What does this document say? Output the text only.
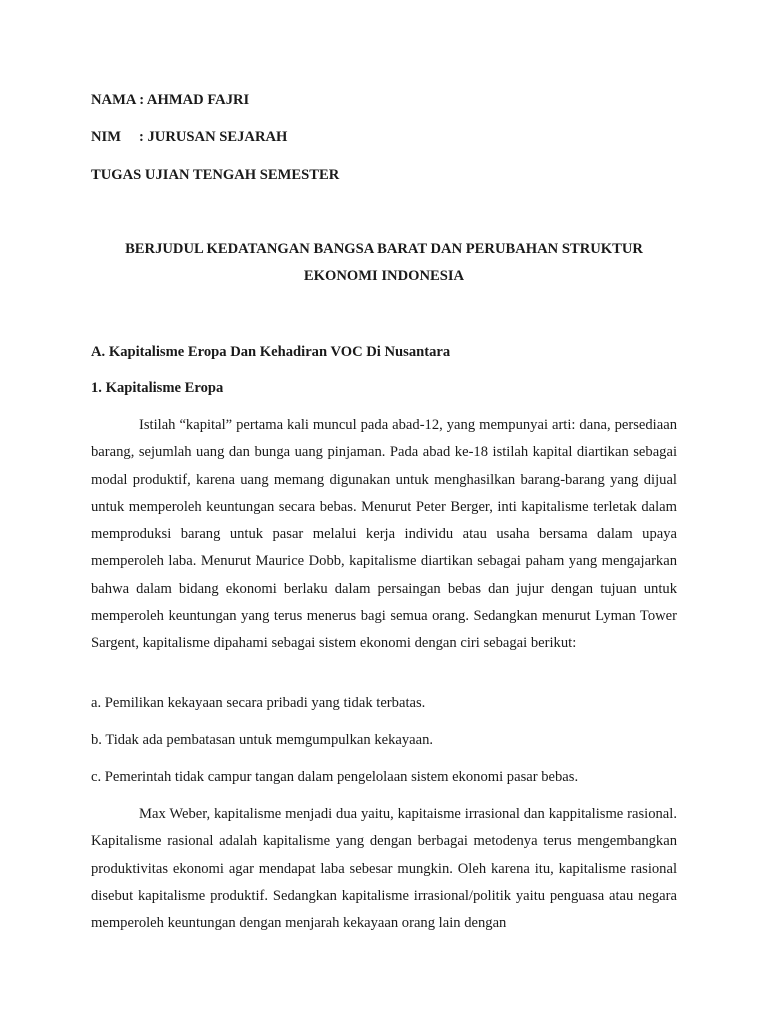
NAMA : AHMAD FAJRI
NIM : JURUSAN SEJARAH
TUGAS UJIAN TENGAH SEMESTER
BERJUDUL KEDATANGAN BANGSA BARAT DAN PERUBAHAN STRUKTUR
EKONOMI INDONESIA
A. Kapitalisme Eropa Dan Kehadiran VOC Di Nusantara
1. Kapitalisme Eropa

Istilah “kapital” pertama kali muncul pada abad-12, yang mempunyai arti: dana, persediaan barang, sejumlah uang dan bunga uang pinjaman. Pada abad ke-18 istilah kapital diartikan sebagai modal produktif, karena uang memang digunakan untuk menghasilkan barang-barang yang dijual untuk memperoleh keuntungan secara bebas. Menurut Peter Berger, inti kapitalisme terletak dalam memproduksi barang untuk pasar melalui kerja individu atau usaha bersama dalam upaya memperoleh laba. Menurut Maurice Dobb, kapitalisme diartikan sebagai paham yang mengajarkan bahwa dalam bidang ekonomi berlaku dalam persaingan bebas dan jujur dengan tujuan untuk memperoleh keuntungan yang terus menerus bagi semua orang. Sedangkan menurut Lyman Tower Sargent, kapitalisme dipahami sebagai sistem ekonomi dengan ciri sebagai berikut:

a. Pemilikan kekayaan secara pribadi yang tidak terbatas.
b. Tidak ada pembatasan untuk memgumpulkan kekayaan.
c. Pemerintah tidak campur tangan dalam pengelolaan sistem ekonomi pasar bebas.

Max Weber, kapitalisme menjadi dua yaitu, kapitaisme irrasional dan kappitalisme rasional. Kapitalisme rasional adalah kapitalisme yang dengan berbagai metodenya terus mengembangkan produktivitas ekonomi agar mendapat laba sebesar mungkin. Oleh karena itu, kapitalisme rasional disebut kapitalisme produktif. Sedangkan kapitalisme irrasional/politik yaitu penguasa atau negara memperoleh keuntungan dengan menjarah kekayaan orang lain dengan
